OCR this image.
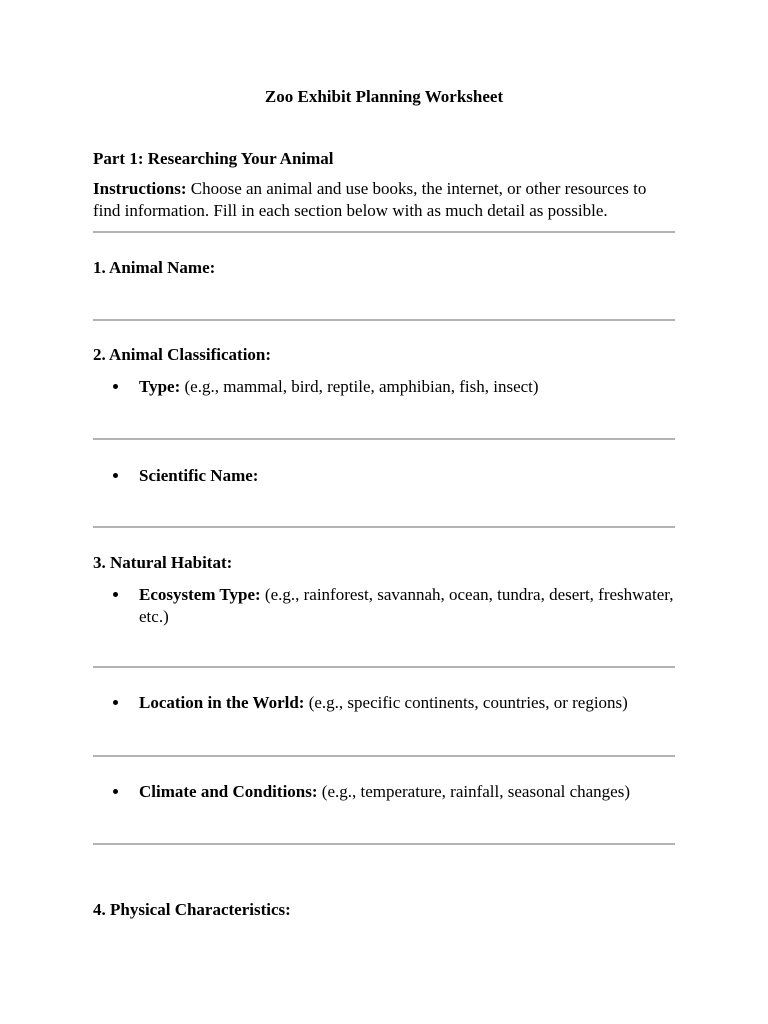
Zoo Exhibit Planning Worksheet
Part 1: Researching Your Animal
Instructions: Choose an animal and use books, the internet, or other resources to find information. Fill in each section below with as much detail as possible.
1. Animal Name:
2. Animal Classification:
Type: (e.g., mammal, bird, reptile, amphibian, fish, insect)
Scientific Name:
3. Natural Habitat:
Ecosystem Type: (e.g., rainforest, savannah, ocean, tundra, desert, freshwater, etc.)
Location in the World: (e.g., specific continents, countries, or regions)
Climate and Conditions: (e.g., temperature, rainfall, seasonal changes)
4. Physical Characteristics:
